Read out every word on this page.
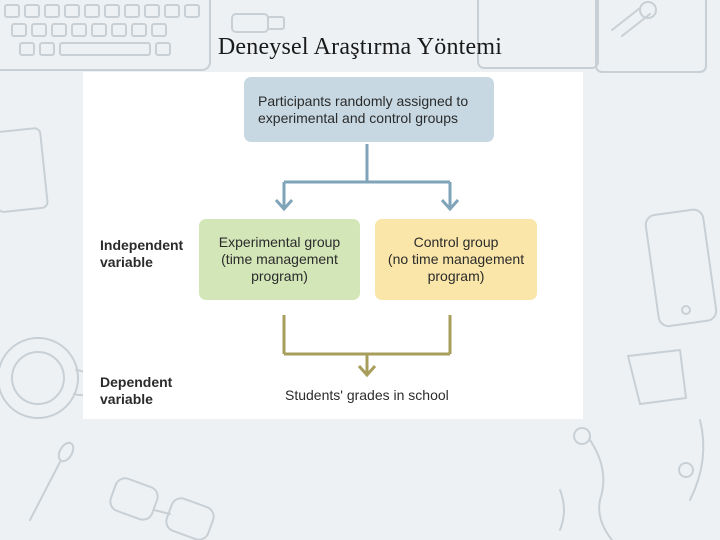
Deneysel Araştırma Yöntemi
Participants randomly assigned to
experimental and control groups
Experimental group
(time management
program)
Control group
(no time management
program)
Independent
variable
Dependent
variable	Students' grades in school
